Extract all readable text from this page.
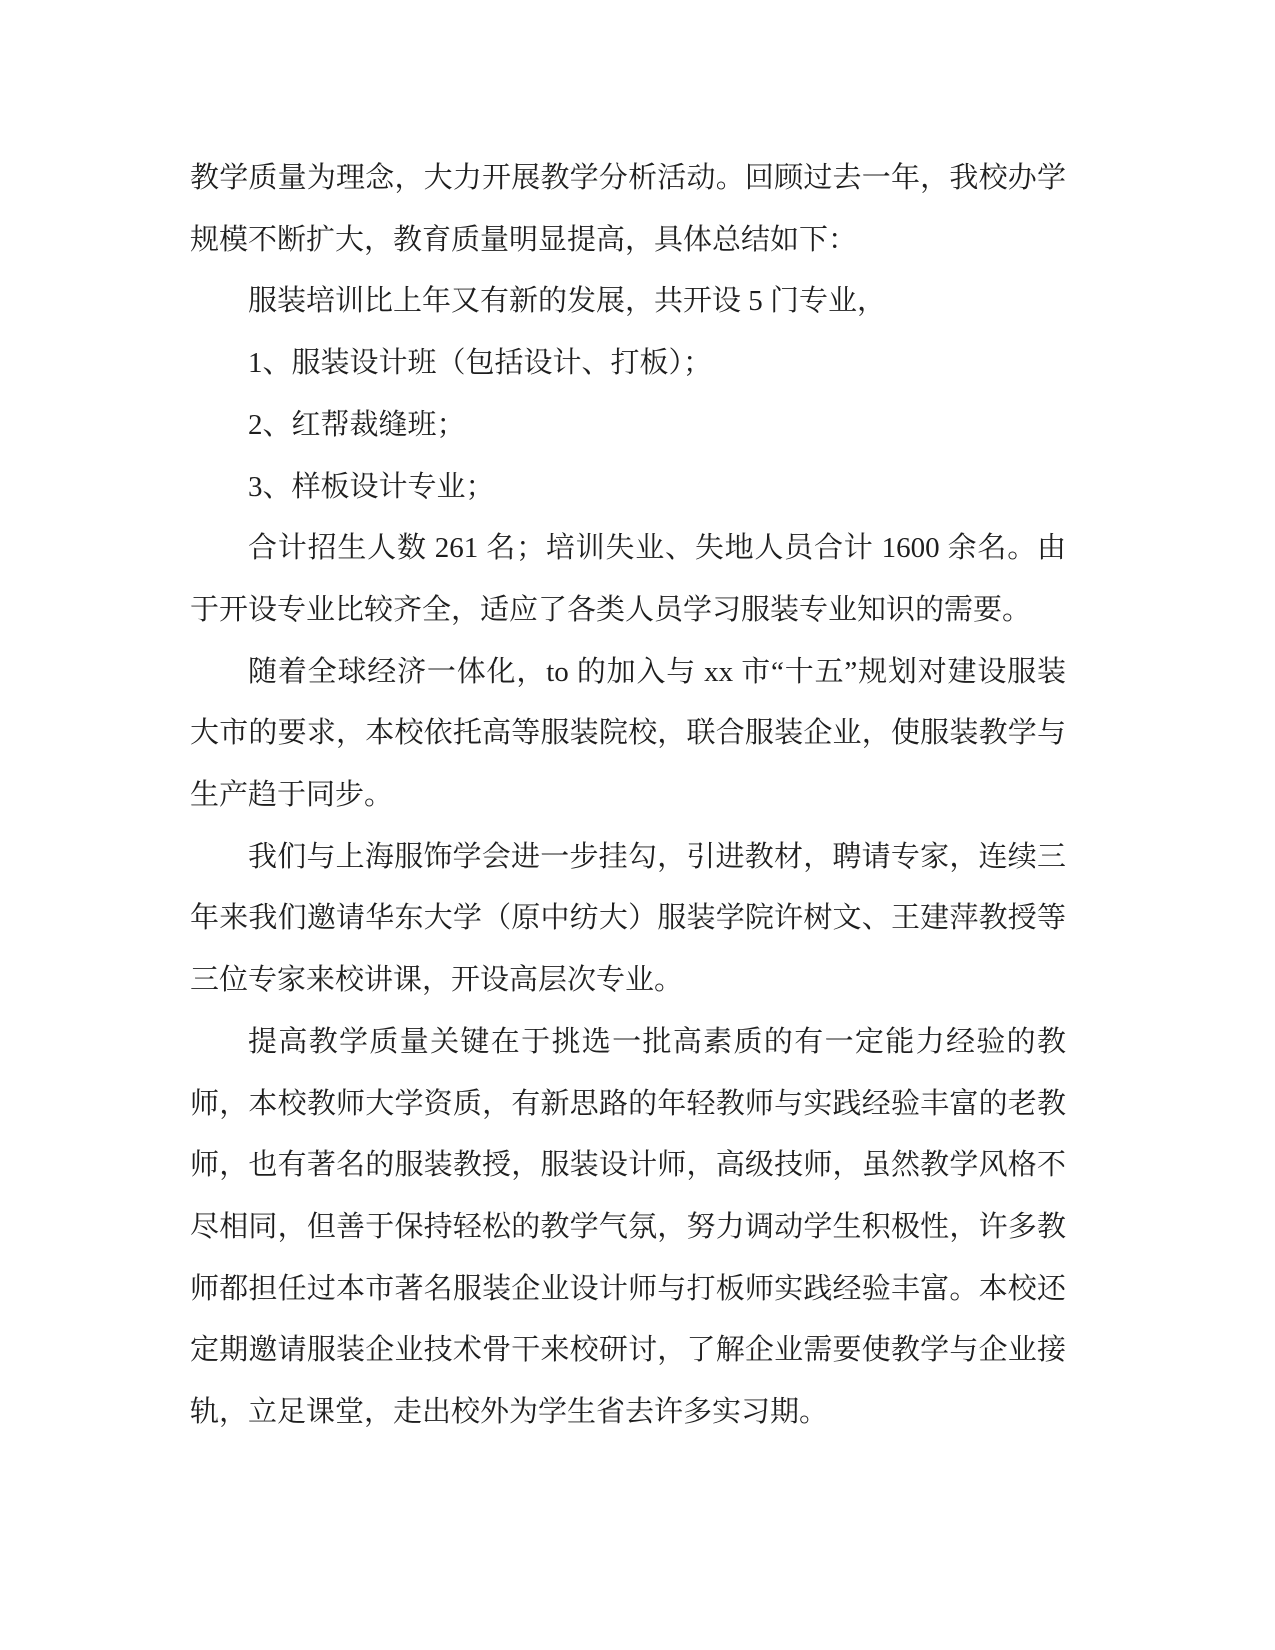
教学质量为理念，大力开展教学分析活动。回顾过去一年，我校办学规模不断扩大，教育质量明显提高，具体总结如下：

服装培训比上年又有新的发展，共开设 5 门专业，

1、服装设计班（包括设计、打板）；

2、红帮裁缝班；

3、样板设计专业；

合计招生人数 261 名；培训失业、失地人员合计 1600 余名。由于开设专业比较齐全，适应了各类人员学习服装专业知识的需要。

随着全球经济一体化，to 的加入与 xx 市“十五”规划对建设服装大市的要求，本校依托高等服装院校，联合服装企业，使服装教学与生产趋于同步。

我们与上海服饰学会进一步挂勾，引进教材，聘请专家，连续三年来我们邀请华东大学（原中纺大）服装学院许树文、王建萍教授等三位专家来校讲课，开设高层次专业。

提高教学质量关键在于挑选一批高素质的有一定能力经验的教师，本校教师大学资质，有新思路的年轻教师与实践经验丰富的老教师，也有著名的服装教授，服装设计师，高级技师，虽然教学风格不尽相同，但善于保持轻松的教学气氛，努力调动学生积极性，许多教师都担任过本市著名服装企业设计师与打板师实践经验丰富。本校还定期邀请服装企业技术骨干来校研讨，了解企业需要使教学与企业接轨，立足课堂，走出校外为学生省去许多实习期。
